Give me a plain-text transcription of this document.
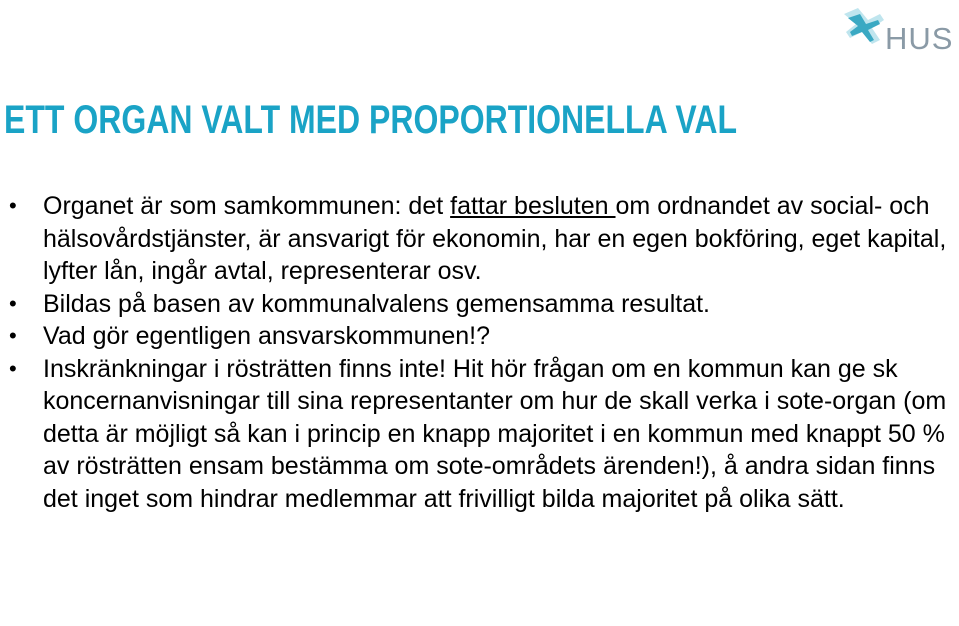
HUS
ETT ORGAN VALT MED PROPORTIONELLA VAL
• Organet är som samkommunen: det fattar besluten om ordnandet av social- och hälsovårdstjänster, är ansvarigt för ekonomin, har en egen bokföring, eget kapital, lyfter lån, ingår avtal, representerar osv.
• Bildas på basen av kommunalvalens gemensamma resultat.
• Vad gör egentligen ansvarskommunen!?
• Inskränkningar i rösträtten finns inte! Hit hör frågan om en kommun kan ge sk koncernanvisningar till sina representanter om hur de skall verka i sote-organ (om detta är möjligt så kan i princip en knapp majoritet i en kommun med knappt 50 % av rösträtten ensam bestämma om sote-områdets ärenden!), å andra sidan finns det inget som hindrar medlemmar att frivilligt bilda majoritet på olika sätt.
